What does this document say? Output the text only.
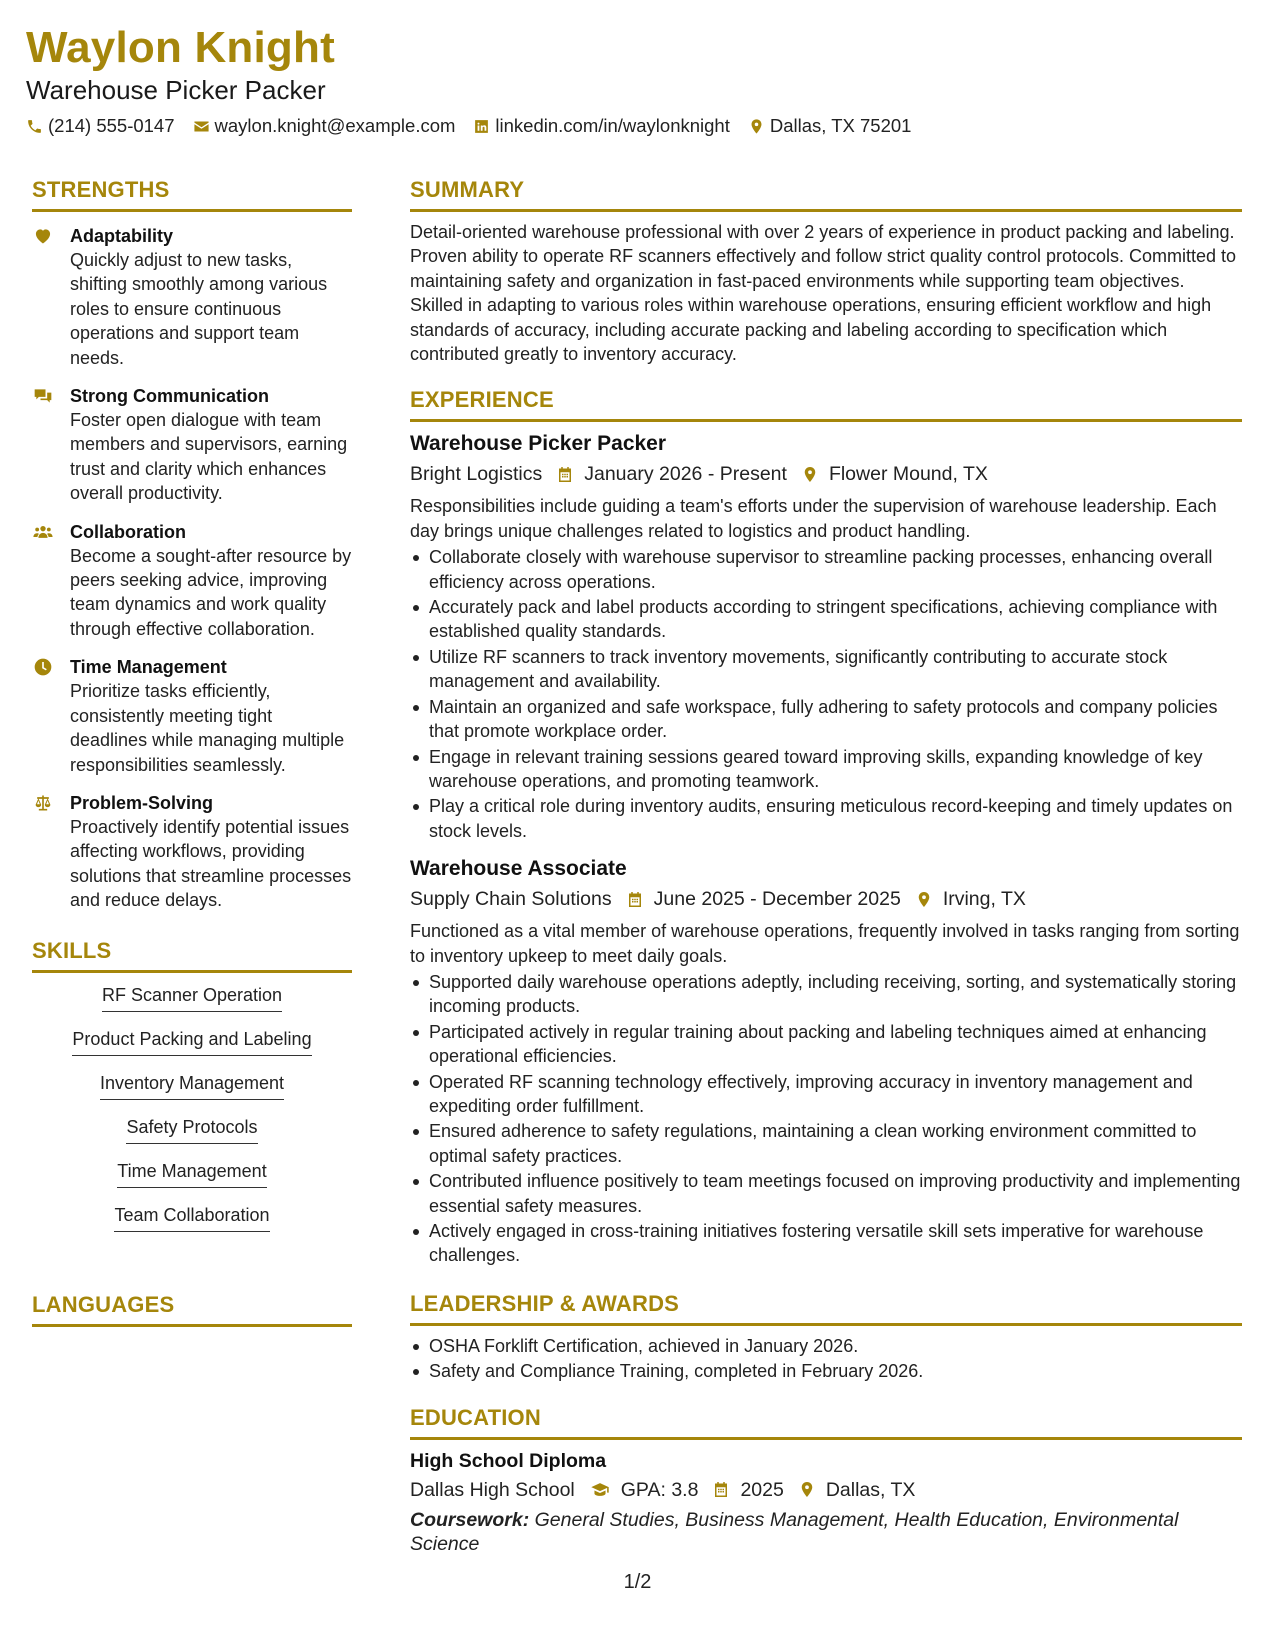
Waylon Knight
Warehouse Picker Packer
(214) 555-0147 waylon.knight@example.com linkedin.com/in/waylonknight Dallas, TX 75201
STRENGTHS
Adaptability
Quickly adjust to new tasks, shifting smoothly among various roles to ensure continuous operations and support team needs.
Strong Communication
Foster open dialogue with team members and supervisors, earning trust and clarity which enhances overall productivity.
Collaboration
Become a sought-after resource by peers seeking advice, improving team dynamics and work quality through effective collaboration.
Time Management
Prioritize tasks efficiently, consistently meeting tight deadlines while managing multiple responsibilities seamlessly.
Problem-Solving
Proactively identify potential issues affecting workflows, providing solutions that streamline processes and reduce delays.
SKILLS
RF Scanner Operation
Product Packing and Labeling
Inventory Management
Safety Protocols
Time Management
Team Collaboration
LANGUAGES
SUMMARY
Detail-oriented warehouse professional with over 2 years of experience in product packing and labeling. Proven ability to operate RF scanners effectively and follow strict quality control protocols. Committed to maintaining safety and organization in fast-paced environments while supporting team objectives. Skilled in adapting to various roles within warehouse operations, ensuring efficient workflow and high standards of accuracy, including accurate packing and labeling according to specification which contributed greatly to inventory accuracy.
EXPERIENCE
Warehouse Picker Packer
Bright Logistics January 2026 - Present Flower Mound, TX
Responsibilities include guiding a team's efforts under the supervision of warehouse leadership. Each day brings unique challenges related to logistics and product handling.
Collaborate closely with warehouse supervisor to streamline packing processes, enhancing overall efficiency across operations.
Accurately pack and label products according to stringent specifications, achieving compliance with established quality standards.
Utilize RF scanners to track inventory movements, significantly contributing to accurate stock management and availability.
Maintain an organized and safe workspace, fully adhering to safety protocols and company policies that promote workplace order.
Engage in relevant training sessions geared toward improving skills, expanding knowledge of key warehouse operations, and promoting teamwork.
Play a critical role during inventory audits, ensuring meticulous record-keeping and timely updates on stock levels.
Warehouse Associate
Supply Chain Solutions June 2025 - December 2025 Irving, TX
Functioned as a vital member of warehouse operations, frequently involved in tasks ranging from sorting to inventory upkeep to meet daily goals.
Supported daily warehouse operations adeptly, including receiving, sorting, and systematically storing incoming products.
Participated actively in regular training about packing and labeling techniques aimed at enhancing operational efficiencies.
Operated RF scanning technology effectively, improving accuracy in inventory management and expediting order fulfillment.
Ensured adherence to safety regulations, maintaining a clean working environment committed to optimal safety practices.
Contributed influence positively to team meetings focused on improving productivity and implementing essential safety measures.
Actively engaged in cross-training initiatives fostering versatile skill sets imperative for warehouse challenges.
LEADERSHIP & AWARDS
OSHA Forklift Certification, achieved in January 2026.
Safety and Compliance Training, completed in February 2026.
EDUCATION
High School Diploma
Dallas High School GPA: 3.8 2025 Dallas, TX
Coursework: General Studies, Business Management, Health Education, Environmental Science
1/2
